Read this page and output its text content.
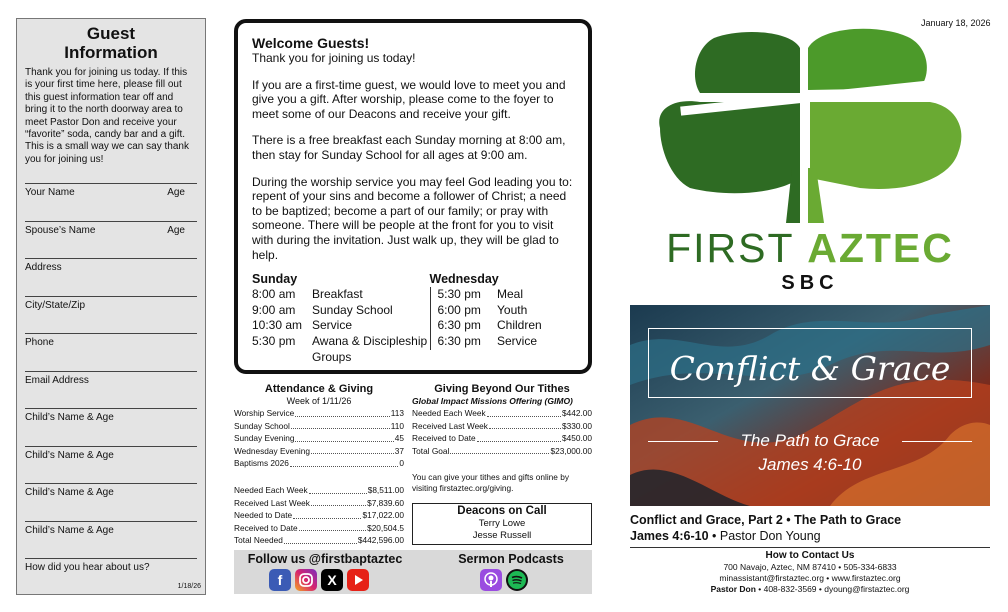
Guest
Information
Thank you for joining us today. If this is your first time here, please fill out this guest information tear off and bring it to the north doorway area to meet Pastor Don and receive your “favorite” soda, candy bar and a gift. This is a small way we can say thank you for joining us!
Your Name	Age
Spouse’s Name	Age
Address
City/State/Zip
Phone
Email Address
Child’s Name & Age
Child’s Name & Age
Child’s Name & Age
Child’s Name & Age
How did you hear about us?
1/18/26
Welcome Guests!

Thank you for joining us today!

If you are a first-time guest, we would love to meet you and give you a gift. After worship, please come to the foyer to meet some of our Deacons and receive your gift.

There is a free breakfast each Sunday morning at 8:00 am, then stay for Sunday School for all ages at 9:00 am.

During the worship service you may feel God leading you to: repent of your sins and become a follower of Christ; a need to be baptized; become a part of our family; or pray with someone. There will be people at the front for you to visit with during the invitation. Just walk up, they will be glad to help.

Sunday
8:00 am	Breakfast
9:00 am	Sunday School
10:30 am	Service
5:30 pm	Awana & Discipleship Groups
Wednesday
5:30 pm	Meal
6:00 pm	Youth
6:30 pm	Children
6:30 pm	Service
Attendance & Giving
Week of 1/11/26
Worship Service	113
Sunday School	110
Sunday Evening	45
Wednesday Evening	37
Baptisms 2026	0
Needed Each Week	$8,511.00
Received Last Week	$7,839.60
Needed to Date	$17,022.00
Received to Date	$20,504.5
Total Needed	$442,596.00
Giving Beyond Our Tithes
Global Impact Missions Offering (GIMO)
Needed Each Week	$442.00
Received Last Week	$330.00
Received to Date	$450.00
Total Goal	$23,000.00
You can give your tithes and gifts online by visiting firstaztec.org/giving.
Deacons on Call
Terry Lowe
Jesse Russell
Follow us @firstbaptaztec	Sermon Podcasts
f	X
January 18, 2026
FIRST AZTEC
SBC
Conflict & Grace
The Path to Grace
James 4:6-10
Conflict and Grace, Part 2 • The Path to Grace
James 4:6-10 • Pastor Don Young
How to Contact Us
700 Navajo, Aztec, NM 87410 • 505-334-6833
minassistant@firstaztec.org • www.firstaztec.org
Pastor Don • 408-832-3569 • dyoung@firstaztec.org
